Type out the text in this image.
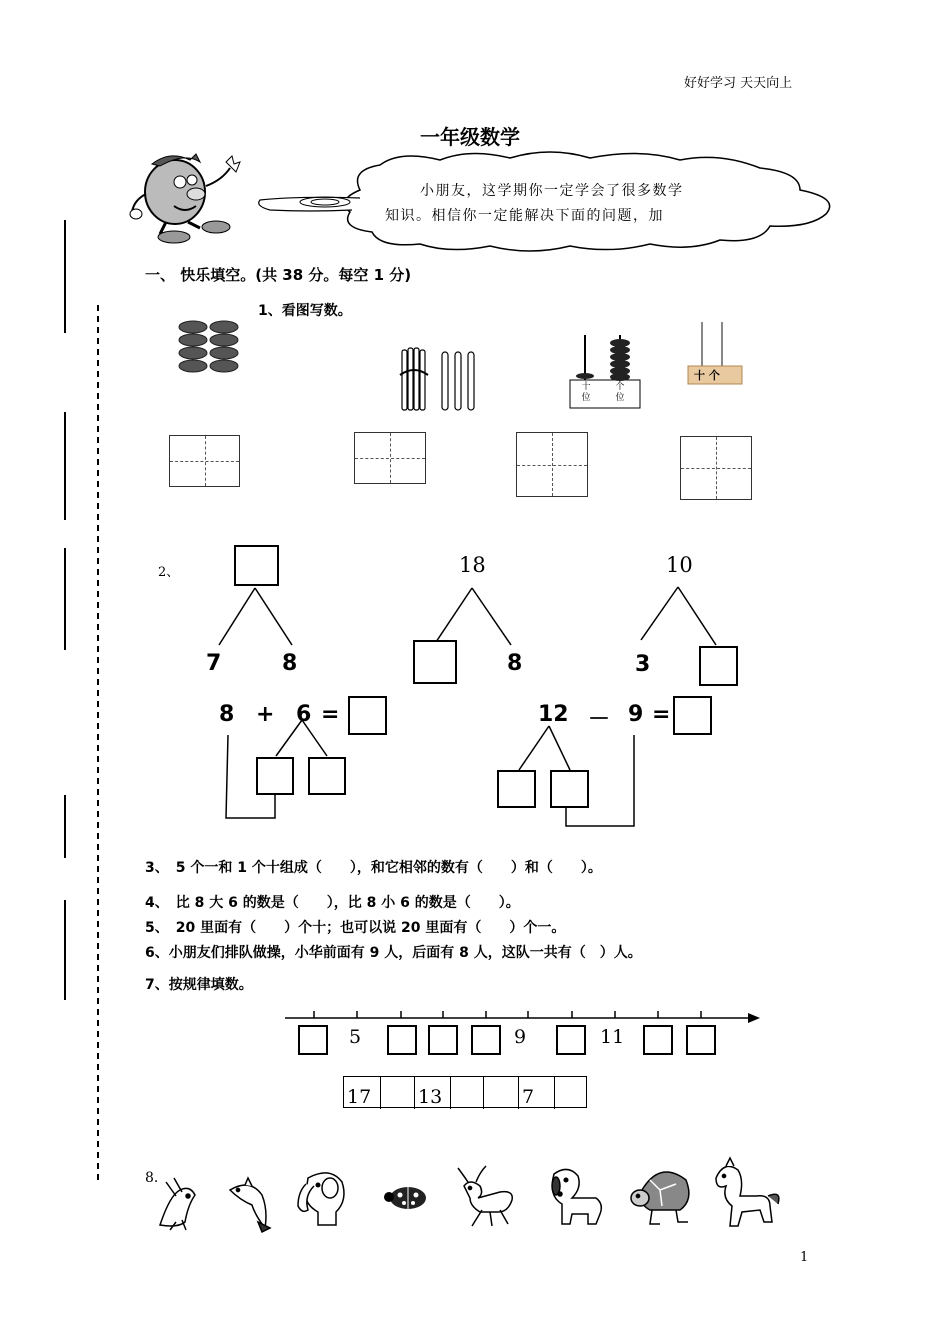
好好学习 天天向上
1
一年级数学
小朋友，这学期你一定学会了很多数学
知识。相信你一定能解决下面的问题，加
一、 快乐填空。(共 38 分。每空 1 分)
1、看图写数。
十
位
个
位
十 个
2、
7	8
18
8
10
3
8 + 6 =	12 － 9 =
3、　5 个一和 1 个十组成（　　），和它相邻的数有（　　）和（　　）。
4、　比 8 大 6 的数是（　　），比 8 小 6 的数是（　　）。
5、　20 里面有（　　）个十；也可以说 20 里面有（　　）个一。
6、小朋友们排队做操，小华前面有 9 人，后面有 8 人，这队一共有（　）人。
7、按规律填数。
5	9	11
17	13	7
8.
